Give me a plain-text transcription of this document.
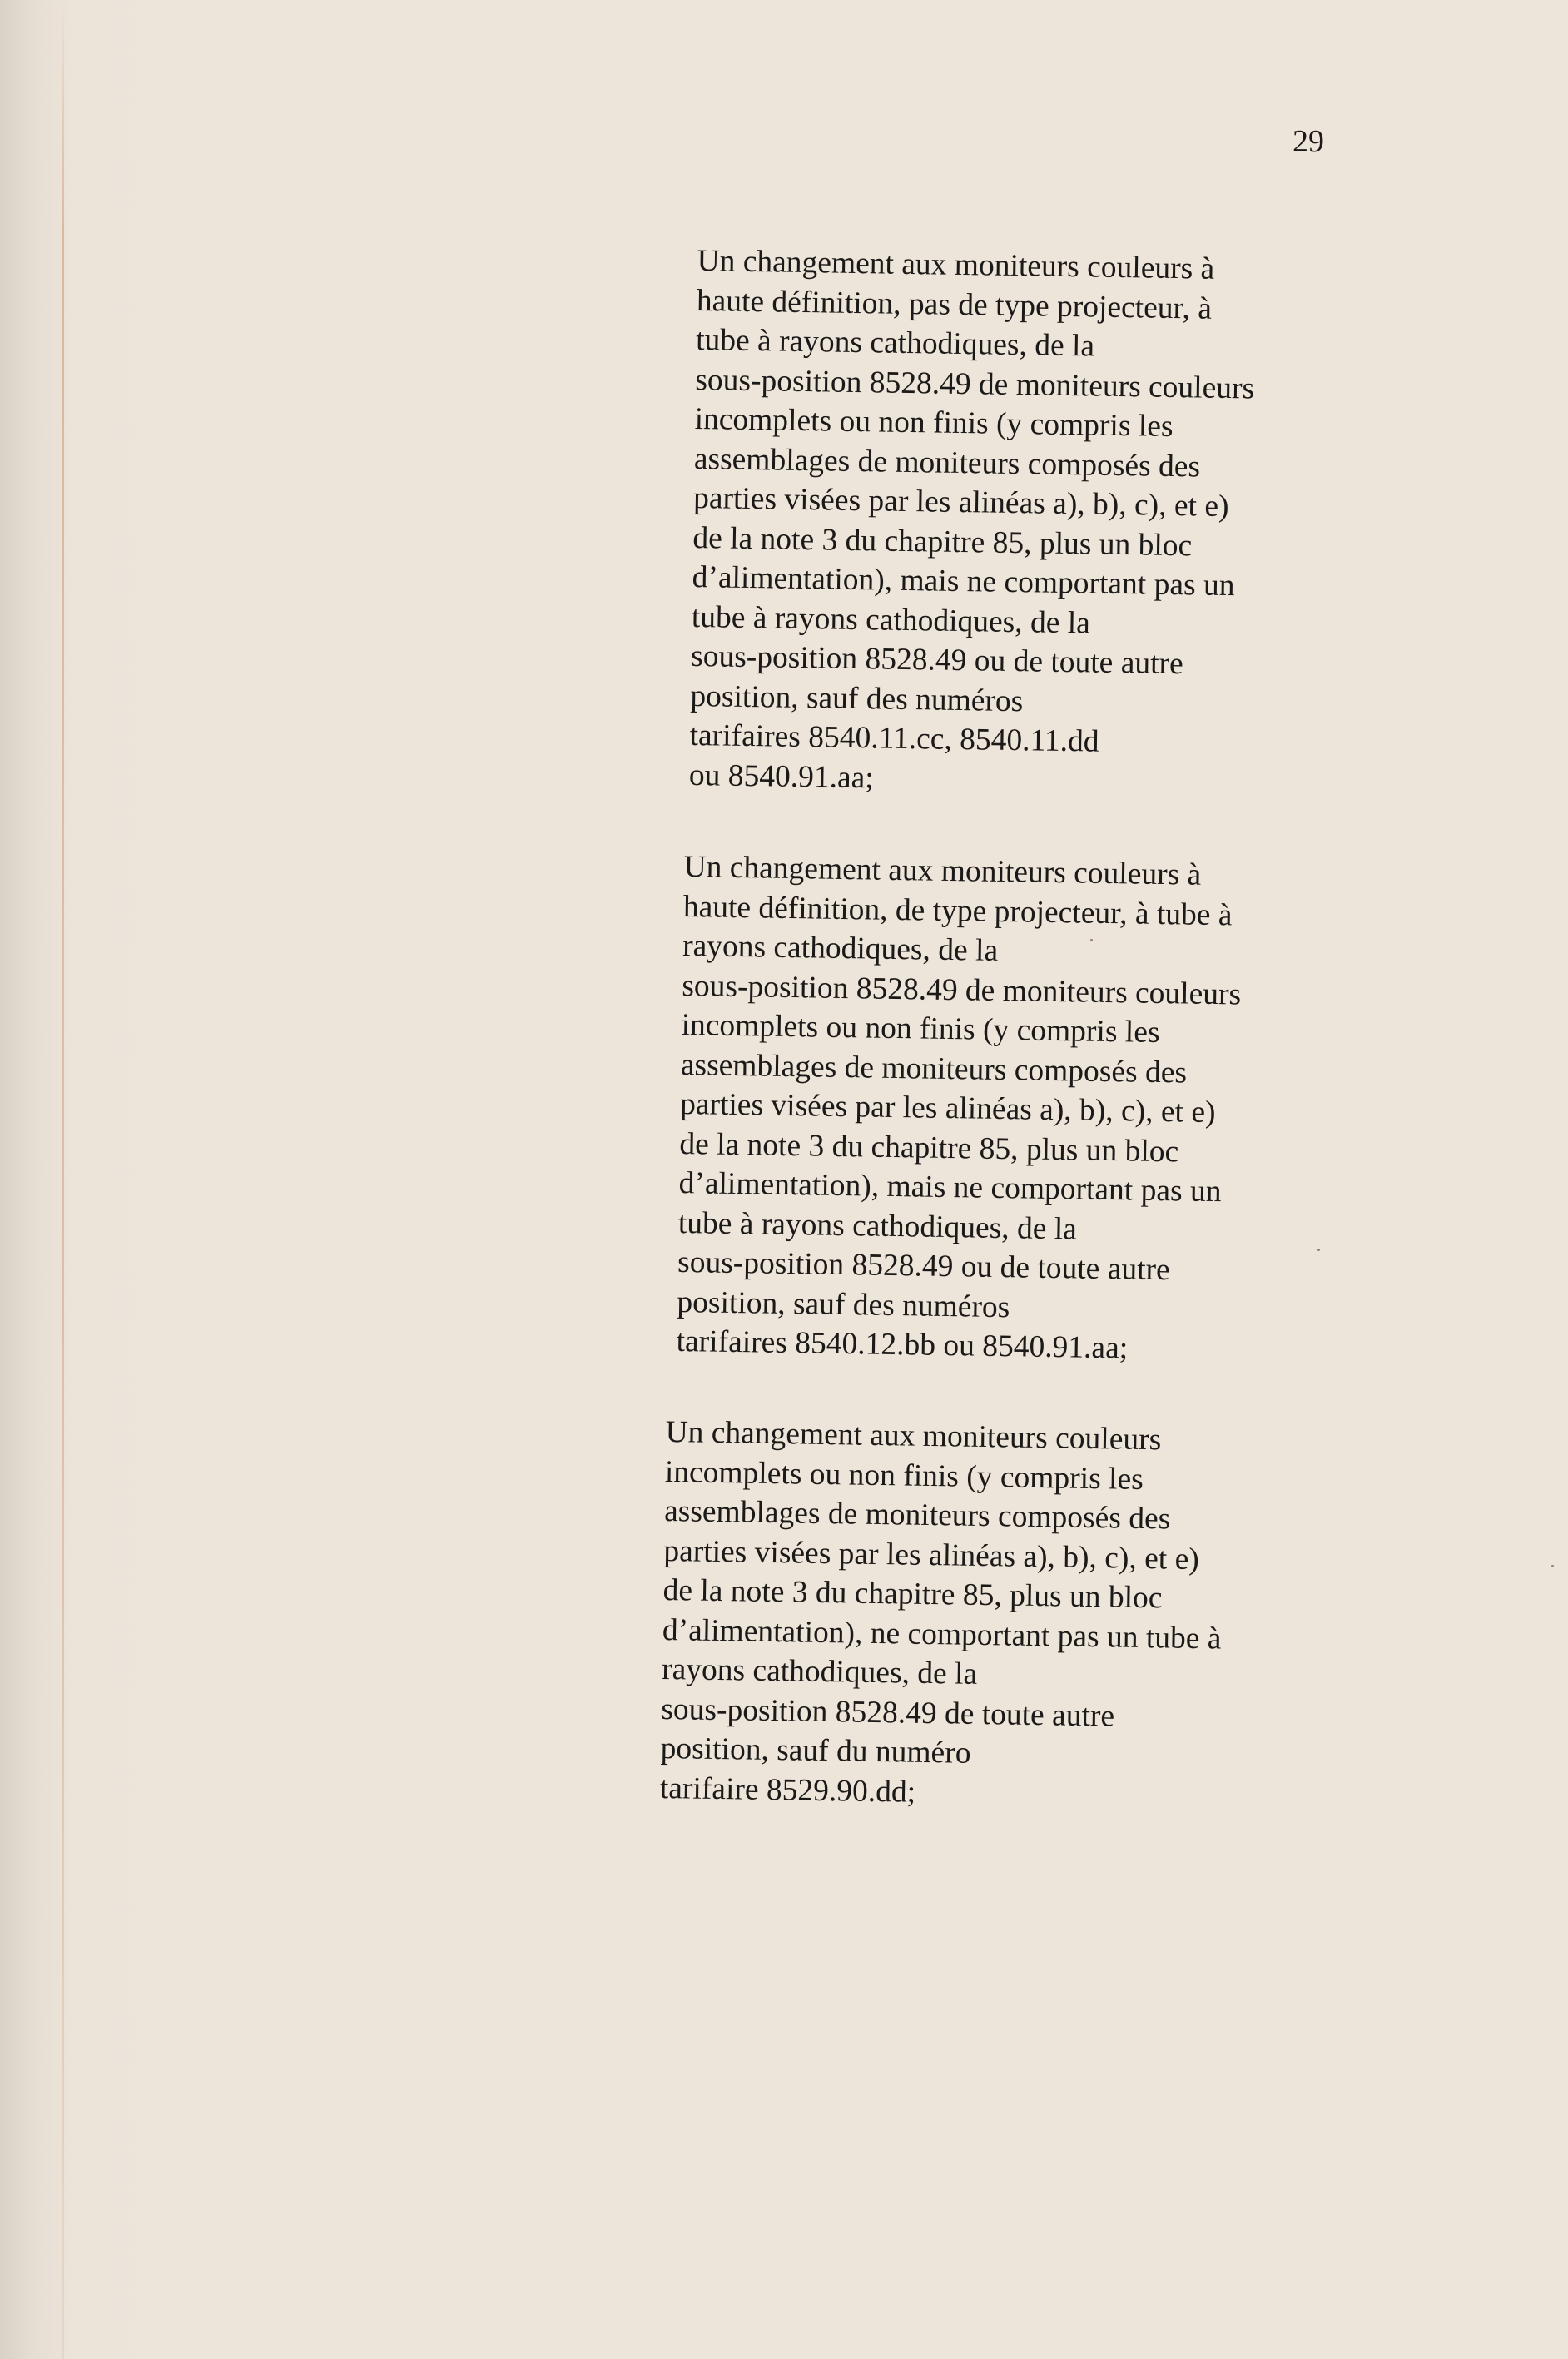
29
Un changement aux moniteurs couleurs à
haute définition, pas de type projecteur, à
tube à rayons cathodiques, de la
sous-position 8528.49 de moniteurs couleurs
incomplets ou non finis (y compris les
assemblages de moniteurs composés des
parties visées par les alinéas a), b), c), et e)
de la note 3 du chapitre 85, plus un bloc
d’alimentation), mais ne comportant pas un
tube à rayons cathodiques, de la
sous-position 8528.49 ou de toute autre
position, sauf des numéros
tarifaires 8540.11.cc, 8540.11.dd
ou 8540.91.aa;
Un changement aux moniteurs couleurs à
haute définition, de type projecteur, à tube à
rayons cathodiques, de la
sous-position 8528.49 de moniteurs couleurs
incomplets ou non finis (y compris les
assemblages de moniteurs composés des
parties visées par les alinéas a), b), c), et e)
de la note 3 du chapitre 85, plus un bloc
d’alimentation), mais ne comportant pas un
tube à rayons cathodiques, de la
sous-position 8528.49 ou de toute autre
position, sauf des numéros
tarifaires 8540.12.bb ou 8540.91.aa;
Un changement aux moniteurs couleurs
incomplets ou non finis (y compris les
assemblages de moniteurs composés des
parties visées par les alinéas a), b), c), et e)
de la note 3 du chapitre 85, plus un bloc
d’alimentation), ne comportant pas un tube à
rayons cathodiques, de la
sous-position 8528.49 de toute autre
position, sauf du numéro
tarifaire 8529.90.dd;
